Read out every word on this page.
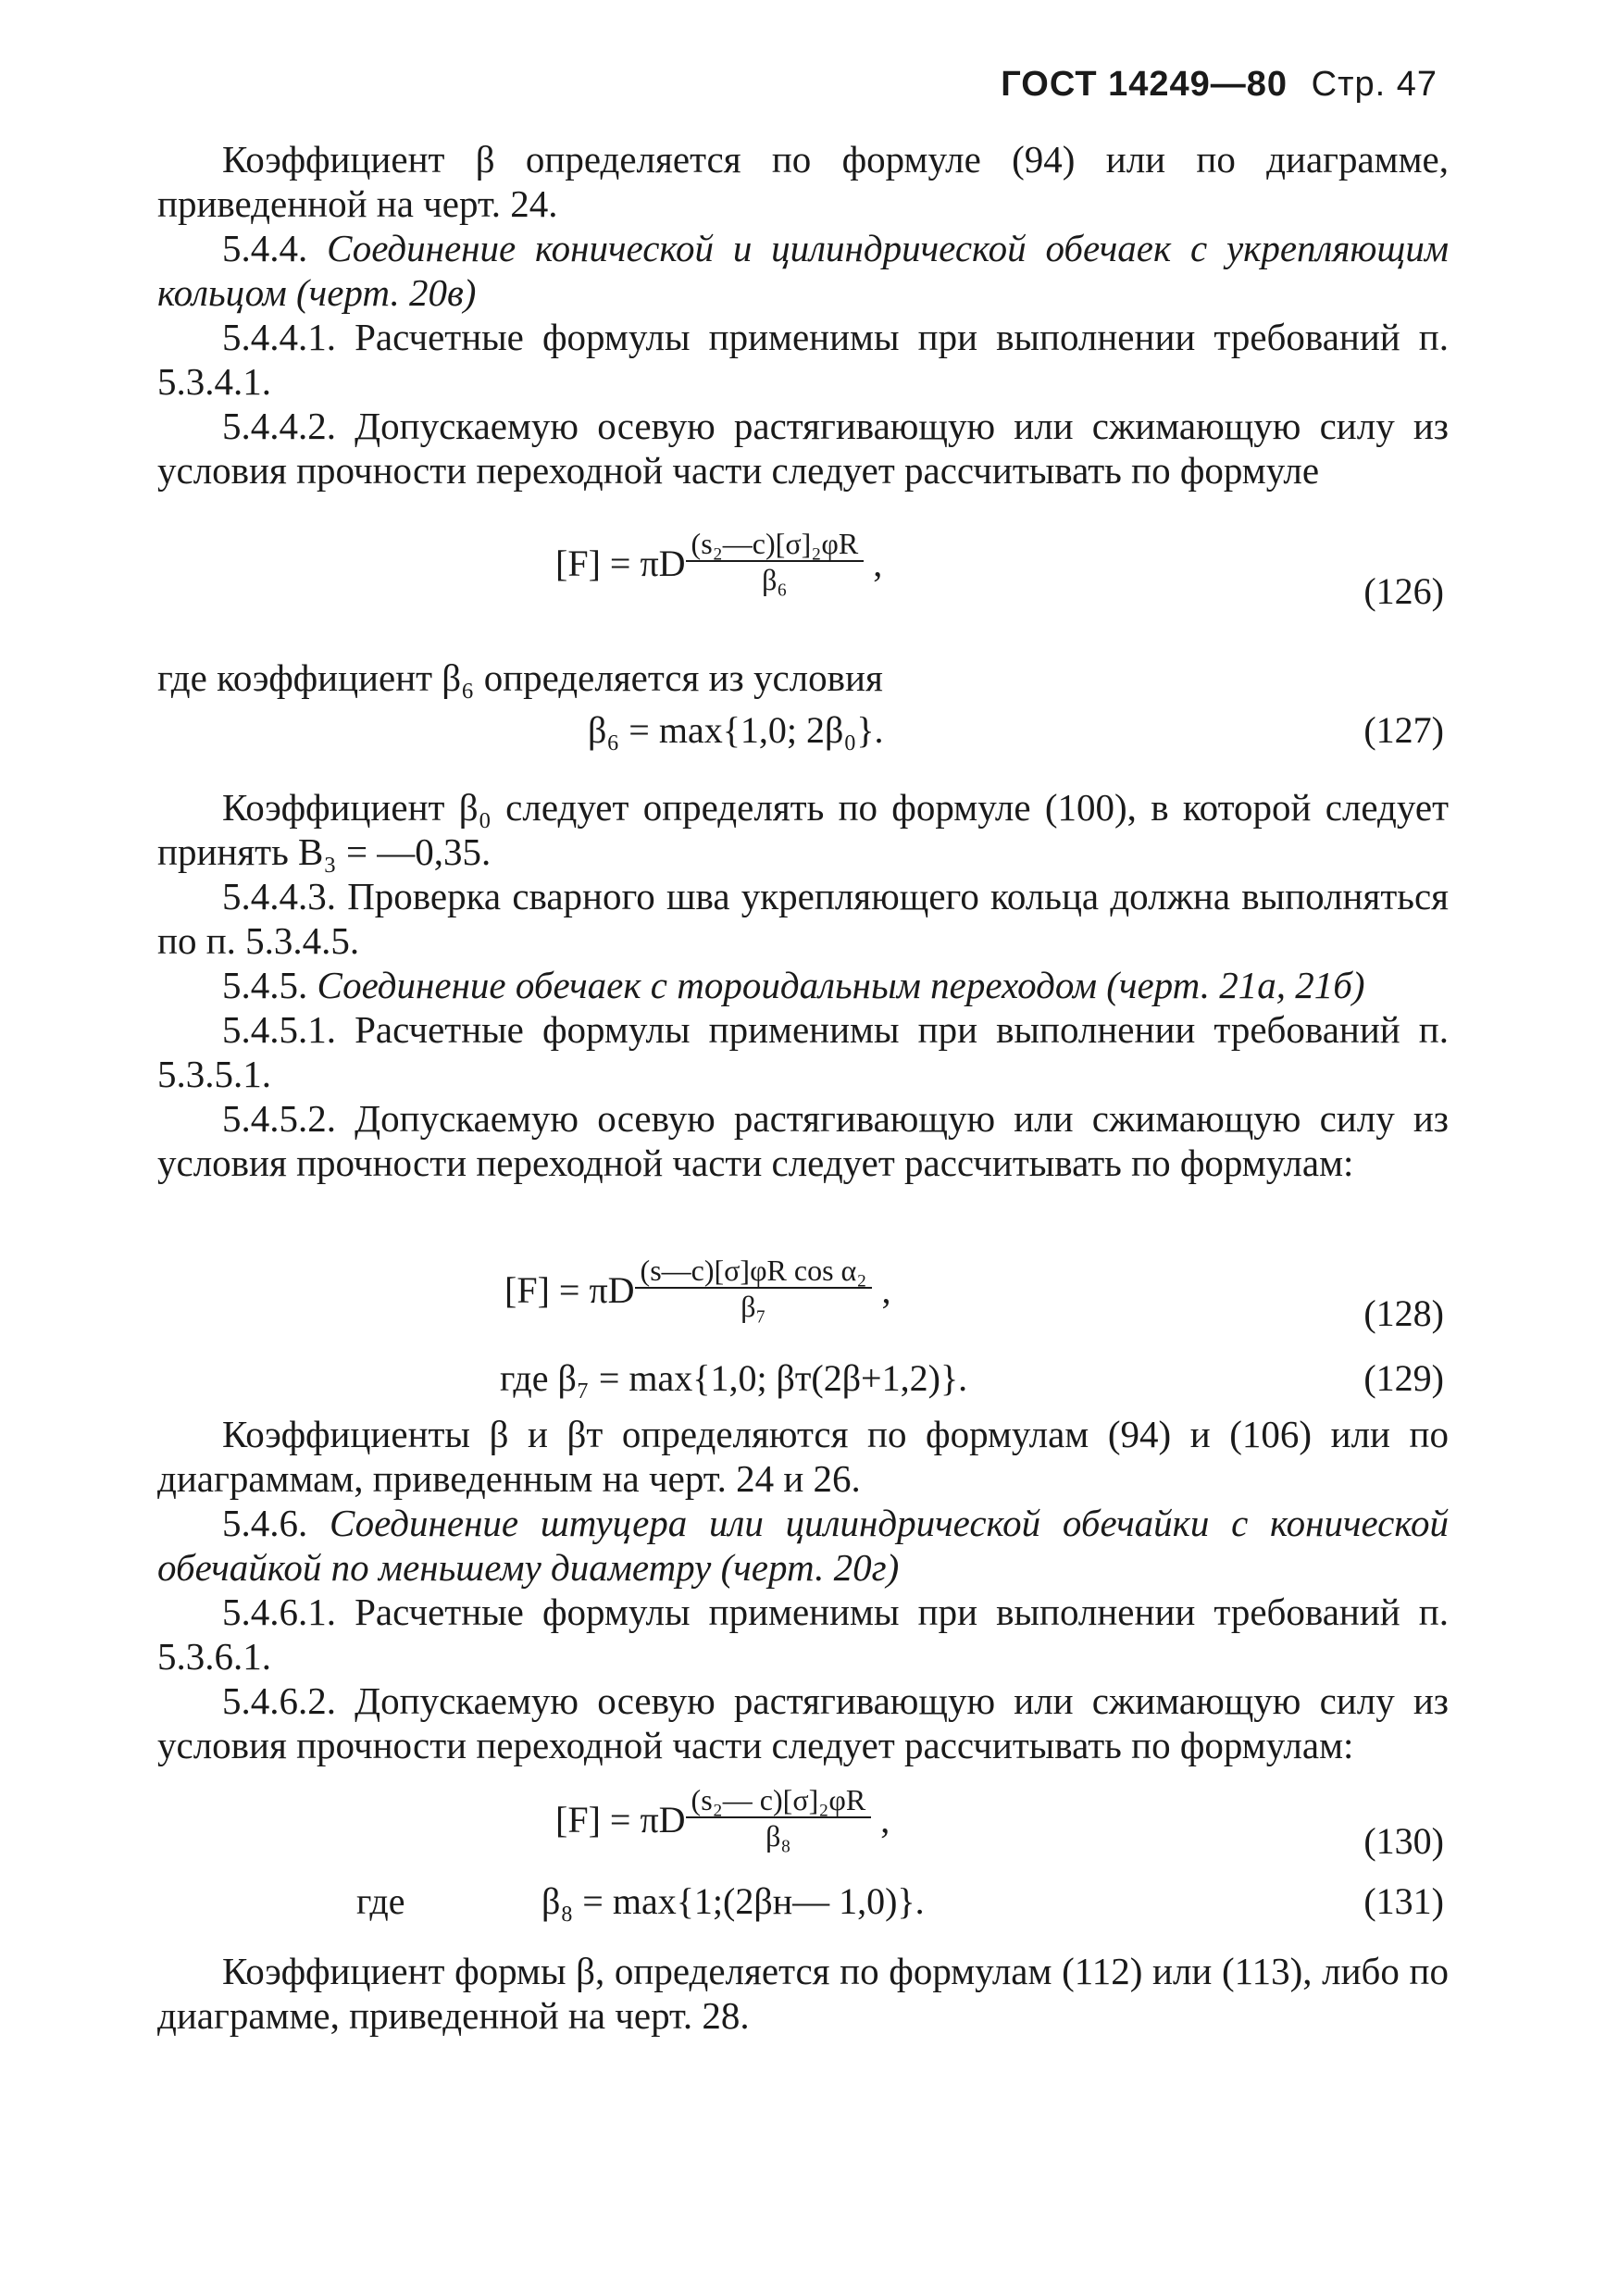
ГОСТ 14249—80 Стр. 47

Коэффициент β определяется по формуле (94) или по диаграмме, приведенной на черт. 24.

5.4.4. Соединение конической и цилиндрической обечаек с укрепляющим кольцом (черт. 20в)

5.4.4.1. Расчетные формулы применимы при выполнении требований п. 5.3.4.1.

5.4.4.2. Допускаемую осевую растягивающую или сжимающую силу из условия прочности переходной части следует рассчитывать по формуле

[F] = πD $\frac{\text{(s₂—c)[σ]₂φR}}{\text{β₆}}$ ,
(126)

где коэффициент β₆ определяется из условия

β₆ = max{1,0; 2β₀}.	(127)

Коэффициент β₀ следует определять по формуле (100), в которой следует принять B₃ = —0,35.

5.4.4.3. Проверка сварного шва укрепляющего кольца должна выполняться по п. 5.3.4.5.

5.4.5. Соединение обечаек с тороидальным переходом (черт. 21а, 21б)

5.4.5.1. Расчетные формулы применимы при выполнении требований п. 5.3.5.1.

5.4.5.2. Допускаемую осевую растягивающую или сжимающую силу из условия прочности переходной части следует рассчитывать по формулам:

[F] = πD $\frac{\text{(s—c)[σ]φR cos α₂}}{\text{β₇}}$ ,
(128)
где β₇ = max{1,0; βт(2β+1,2)}.	(129)

Коэффициенты β и βт определяются по формулам (94) и (106) или по диаграммам, приведенным на черт. 24 и 26.

5.4.6. Соединение штуцера или цилиндрической обечайки с конической обечайкой по меньшему диаметру (черт. 20г)

5.4.6.1. Расчетные формулы применимы при выполнении требований п. 5.3.6.1.

5.4.6.2. Допускаемую осевую растягивающую или сжимающую силу из условия прочности переходной части следует рассчитывать по формулам:

[F] = πD $\frac{\text{(s₂— c)[σ]₂φR}}{\text{β₈}}$ ,
(130)
где	β₈ = max{1;(2βн— 1,0)}.	(131)

Коэффициент формы β, определяется по формулам (112) или (113), либо по диаграмме, приведенной на черт. 28.
